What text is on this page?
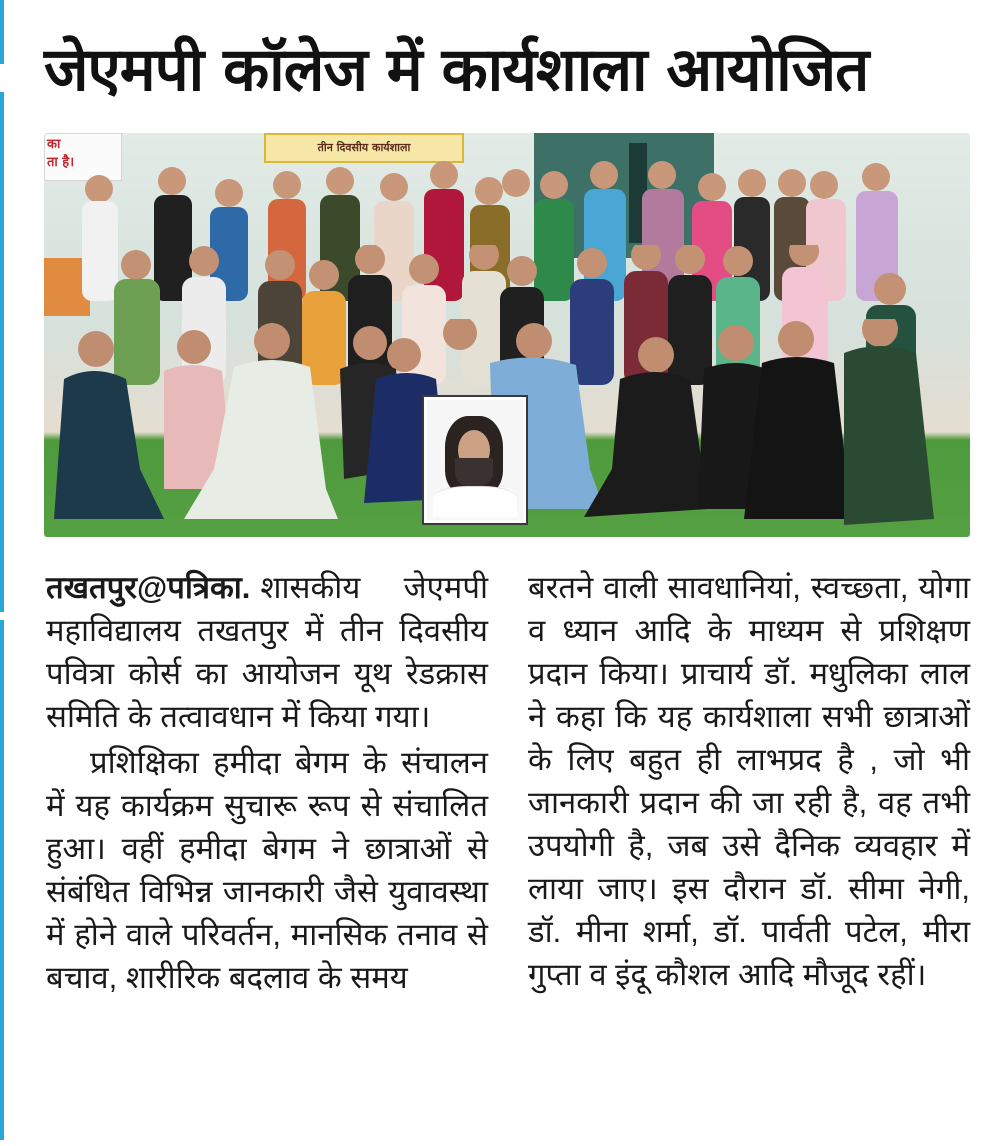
जेएमपी कॉलेज में कार्यशाला आयोजित
का
ता है।
तीन दिवसीय कार्यशाला

तखतपुर@पत्रिका. शासकीय जेएमपी महाविद्यालय तखतपुर में तीन दिवसीय पवित्रा कोर्स का आयोजन यूथ रेडक्रास समिति के तत्वावधान में किया गया।

प्रशिक्षिका हमीदा बेगम के संचालन में यह कार्यक्रम सुचारू रूप से संचालित हुआ। वहीं हमीदा बेगम ने छात्राओं से संबंधित विभिन्न जानकारी जैसे युवावस्था में होने वाले परिवर्तन, मानसिक तनाव से बचाव, शारीरिक बदलाव के समय

बरतने वाली सावधानियां, स्वच्छ्ता, योगा व ध्यान आदि के माध्यम से प्रशिक्षण प्रदान किया। प्राचार्य डॉ. मधुलिका लाल ने कहा कि यह कार्यशाला सभी छात्राओं के लिए बहुत ही लाभप्रद है , जो भी जानकारी प्रदान की जा रही है, वह तभी उपयोगी है, जब उसे दैनिक व्यवहार में लाया जाए। इस दौरान डॉ. सीमा नेगी, डॉ. मीना शर्मा, डॉ. पार्वती पटेल, मीरा गुप्ता व इंदू कौशल आदि मौजूद रहीं।
